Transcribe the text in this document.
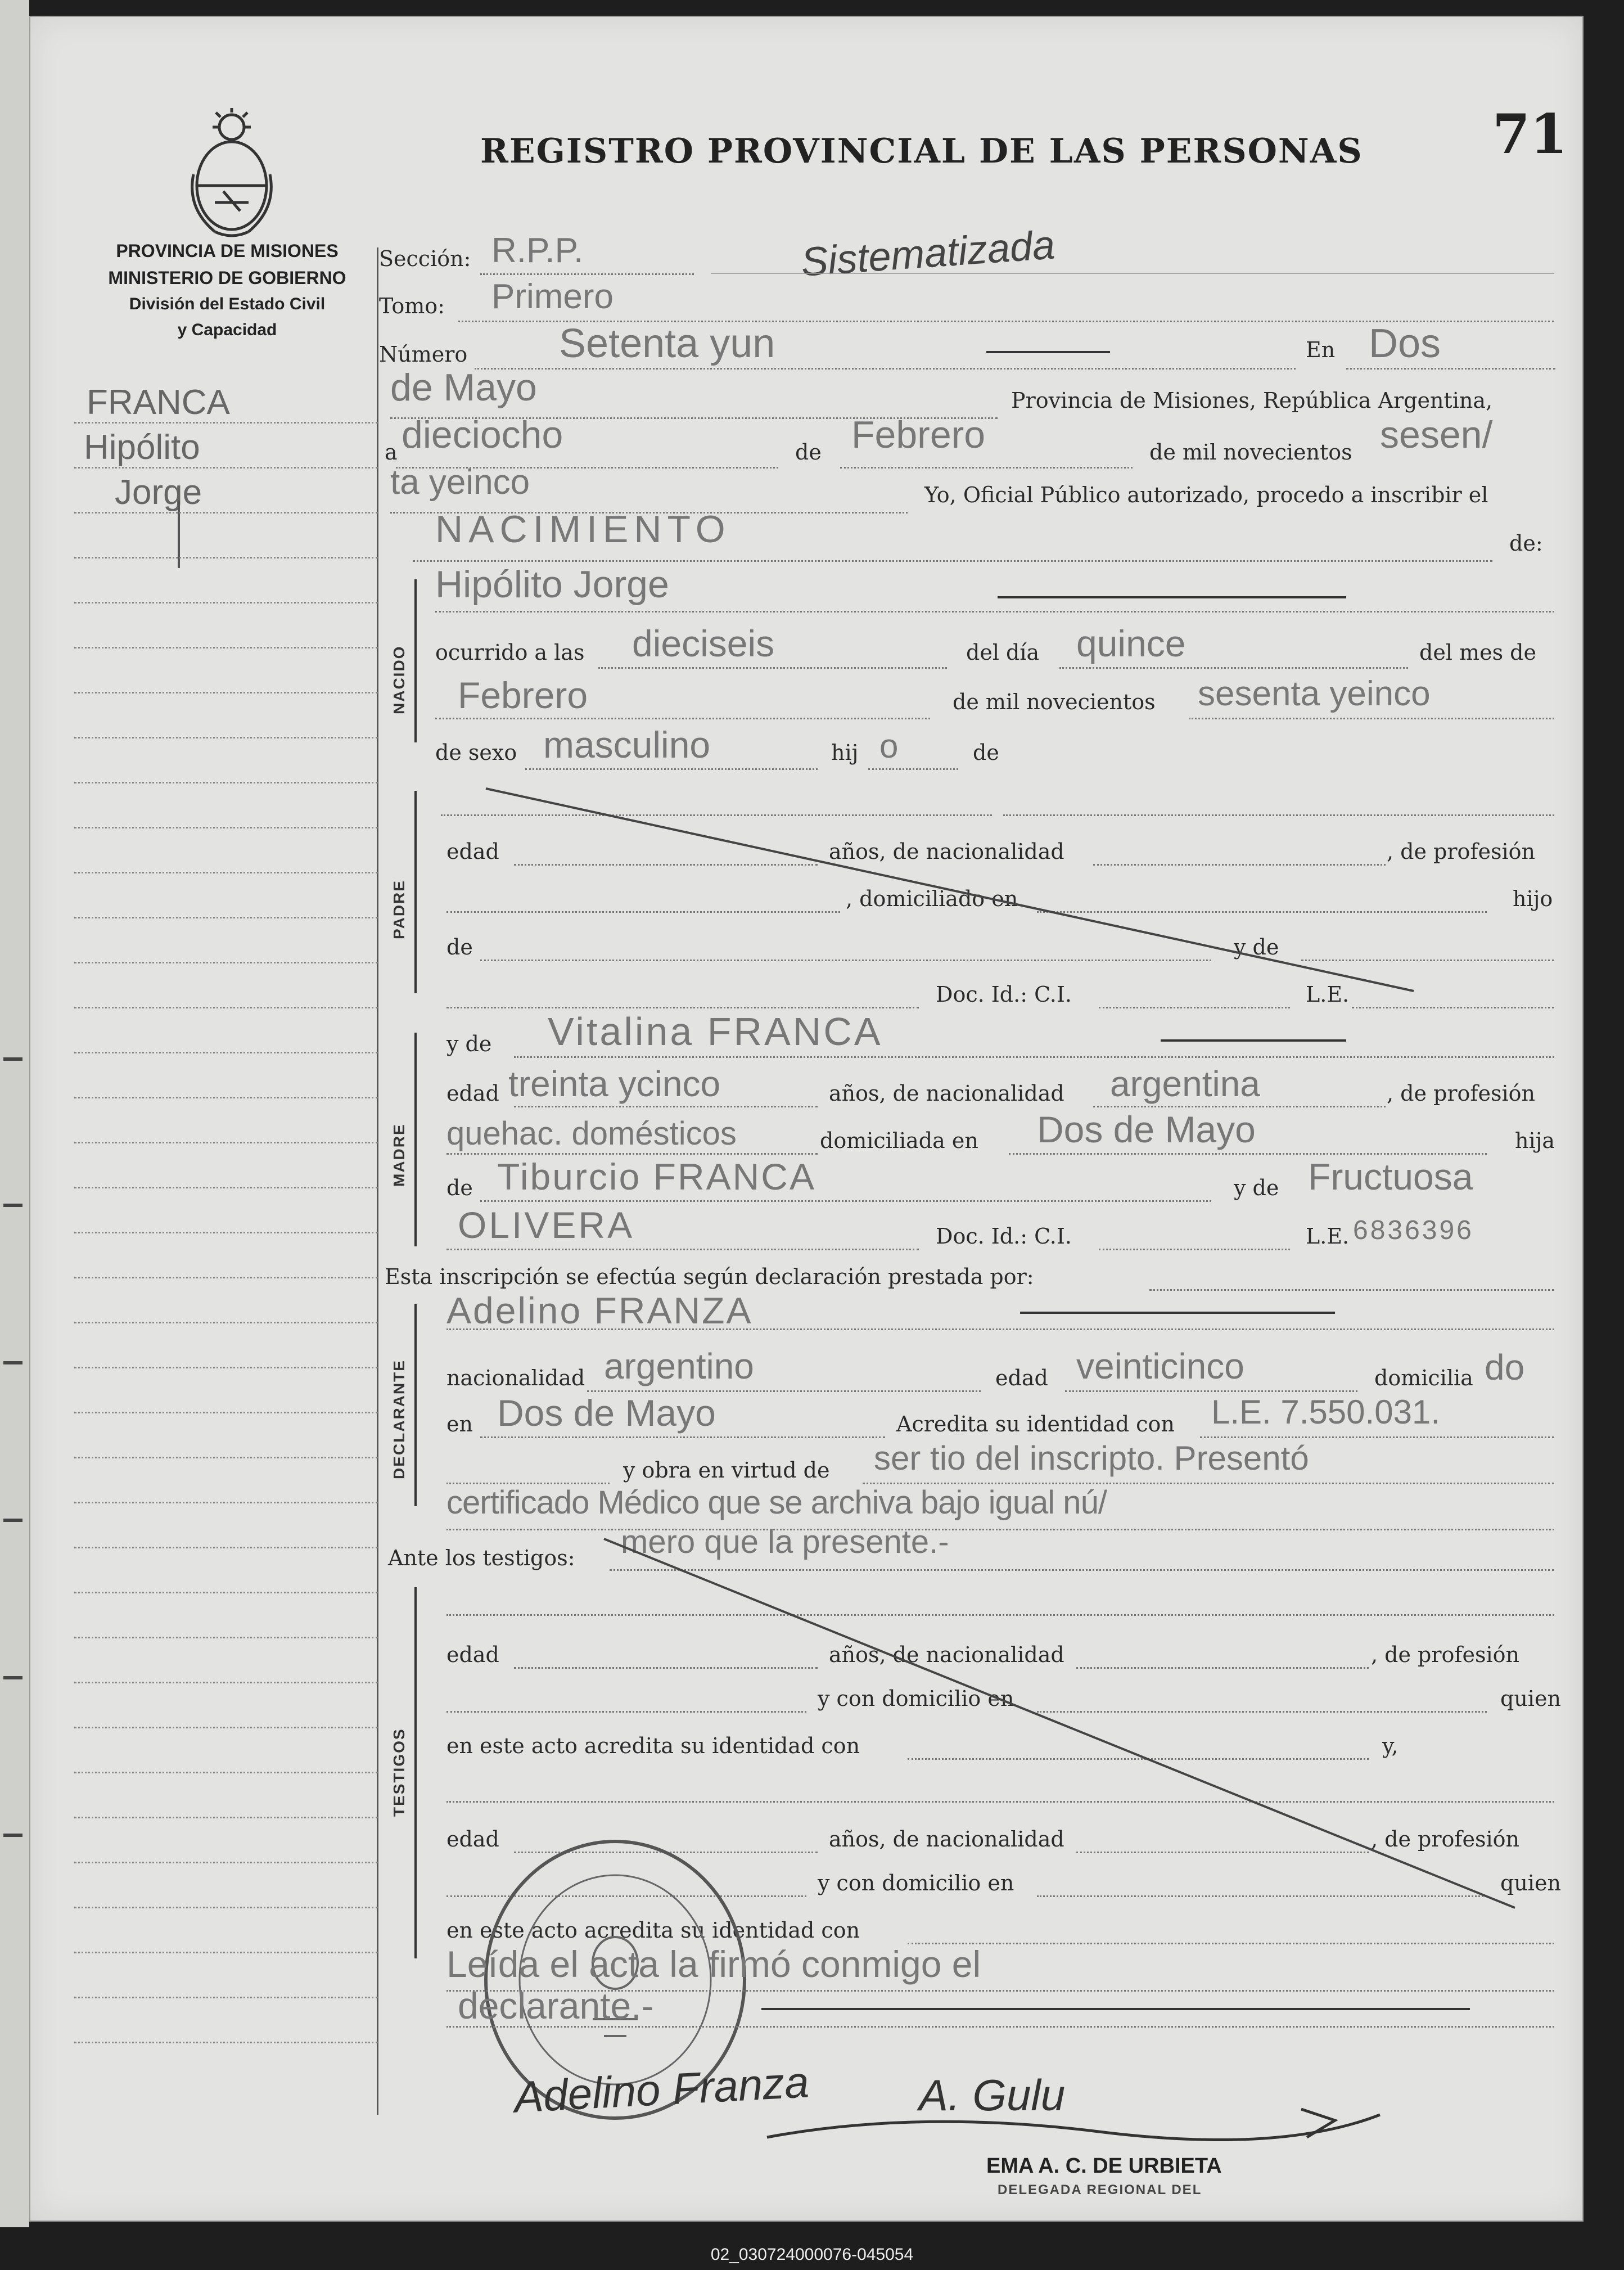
PROVINCIA DE MISIONES
MINISTERIO DE GOBIERNO
División del Estado Civil
y Capacidad
REGISTRO PROVINCIAL DE LAS PERSONAS 71
Sistematizada
FRANCA
Hipólito
Jorge
Sección: R.P.P.
Tomo: Primero
Número Setenta yun	En Dos
de Mayo	Provincia de Misiones, República Argentina,
a dieciocho	de Febrero	de mil novecientos sesen/
ta yeinco	Yo, Oficial Público autorizado, procedo a inscribir el
NACIMIENTO	de:
NACIDO
Hipólito Jorge
ocurrido a las dieciseis	del día quince	del mes de
Febrero	de mil novecientos sesenta yeinco
de sexo masculino	hij o	de
PADRE
edad	años, de nacionalidad	, de profesión
, domiciliado en	hijo
de	y de
Doc. Id.: C.I.	L.E.
MADRE
y de Vitalina FRANCA
edad treinta ycinco	años, de nacionalidad argentina	, de profesión
quehac. domésticos	domiciliada en Dos de Mayo	hija
de Tiburcio FRANCA	y de Fructuosa
OLIVERA	Doc. Id.: C.I.	L.E. 6836396
Esta inscripción se efectúa según declaración prestada por:
DECLARANTE
Adelino FRANZA
nacionalidad argentino	edad veinticinco	domicilia do
en Dos de Mayo	Acredita su identidad con L.E. 7.550.031.
y obra en virtud de ser tio del inscripto. Presentó
certificado Médico que se archiva bajo igual nú/
Ante los testigos: mero que la presente.-
TESTIGOS
edad	años, de nacionalidad	, de profesión
y con domicilio en	quien
en este acto acredita su identidad con	y,
edad	años, de nacionalidad	, de profesión
y con domicilio en	quien
en este acto acredita su identidad con
Leída el acta la firmó conmigo el
declarante.-
Adelino Franza A. Gulu
EMA A. C. DE URBIETA
DELEGADA REGIONAL DEL
02_030724000076-045054
